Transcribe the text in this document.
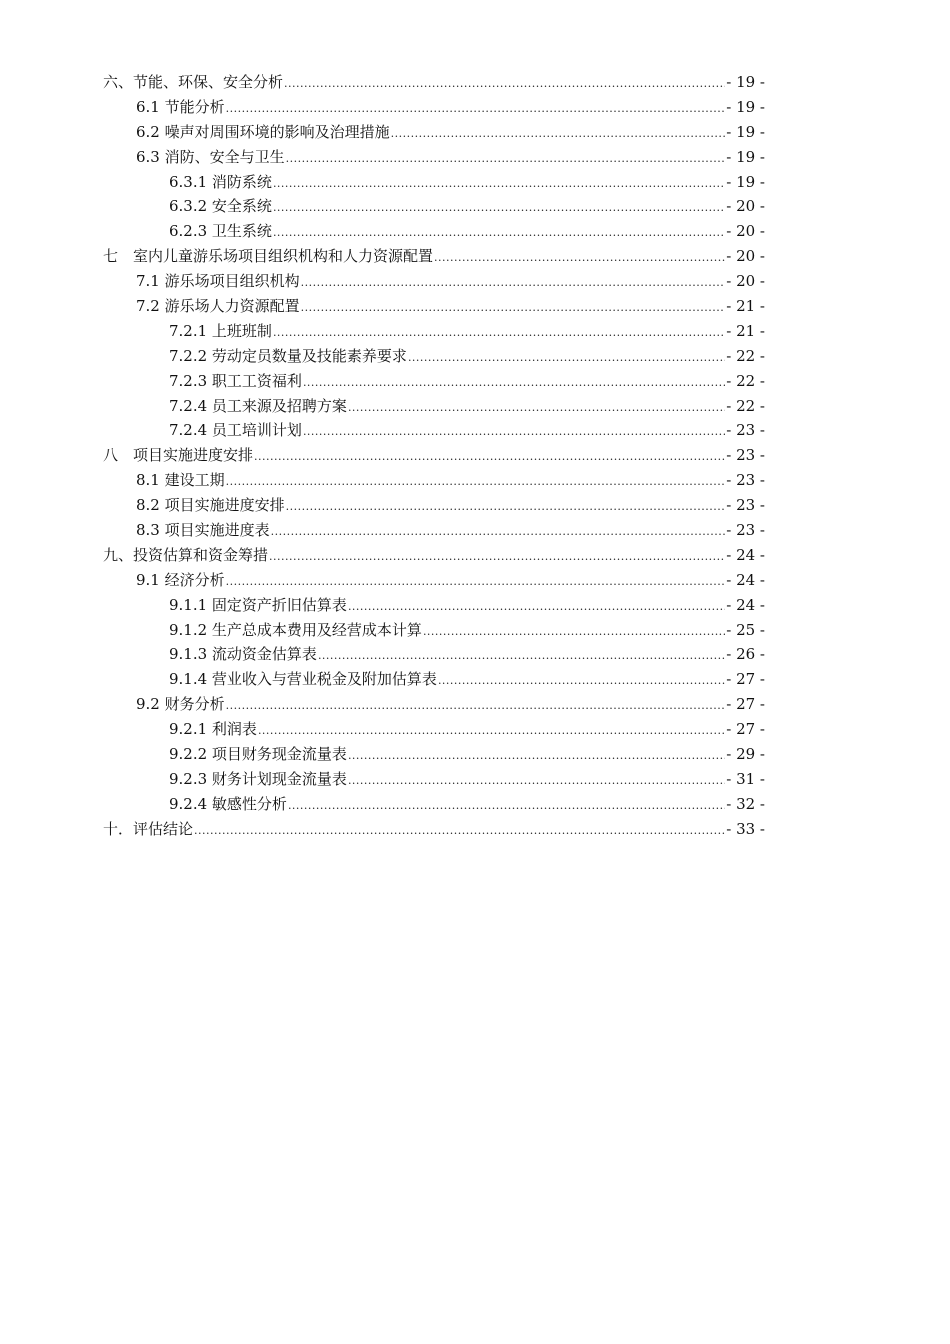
六、节能、环保、安全分析 .....	- 19 -
6.1 节能分析 .....	- 19 -
6.2 噪声对周围环境的影响及治理措施 .....	- 19 -
6.3 消防、安全与卫生 .....	- 19 -
6.3.1 消防系统 .....	- 19 -
6.3.2 安全系统 .....	- 20 -
6.2.3 卫生系统 .....	- 20 -
七　室内儿童游乐场项目组织机构和人力资源配置 .....	- 20 -
7.1 游乐场项目组织机构 .....	- 20 -
7.2 游乐场人力资源配置 .....	- 21 -
7.2.1 上班班制 .....	- 21 -
7.2.2 劳动定员数量及技能素养要求 .....	- 22 -
7.2.3 职工工资福利 .....	- 22 -
7.2.4 员工来源及招聘方案 .....	- 22 -
7.2.4 员工培训计划 .....	- 23 -
八　项目实施进度安排 .....	- 23 -
8.1 建设工期 .....	- 23 -
8.2 项目实施进度安排 .....	- 23 -
8.3 项目实施进度表 .....	- 23 -
九、投资估算和资金筹措 .....	- 24 -
9.1 经济分析 .....	- 24 -
9.1.1 固定资产折旧估算表 .....	- 24 -
9.1.2 生产总成本费用及经营成本计算 .....	- 25 -
9.1.3 流动资金估算表 .....	- 26 -
9.1.4 营业收入与营业税金及附加估算表 .....	- 27 -
9.2 财务分析 .....	- 27 -
9.2.1 利润表 .....	- 27 -
9.2.2 项目财务现金流量表 .....	- 29 -
9.2.3 财务计划现金流量表 .....	- 31 -
9.2.4 敏感性分析 .....	- 32 -
十．评估结论 .....	- 33 -
